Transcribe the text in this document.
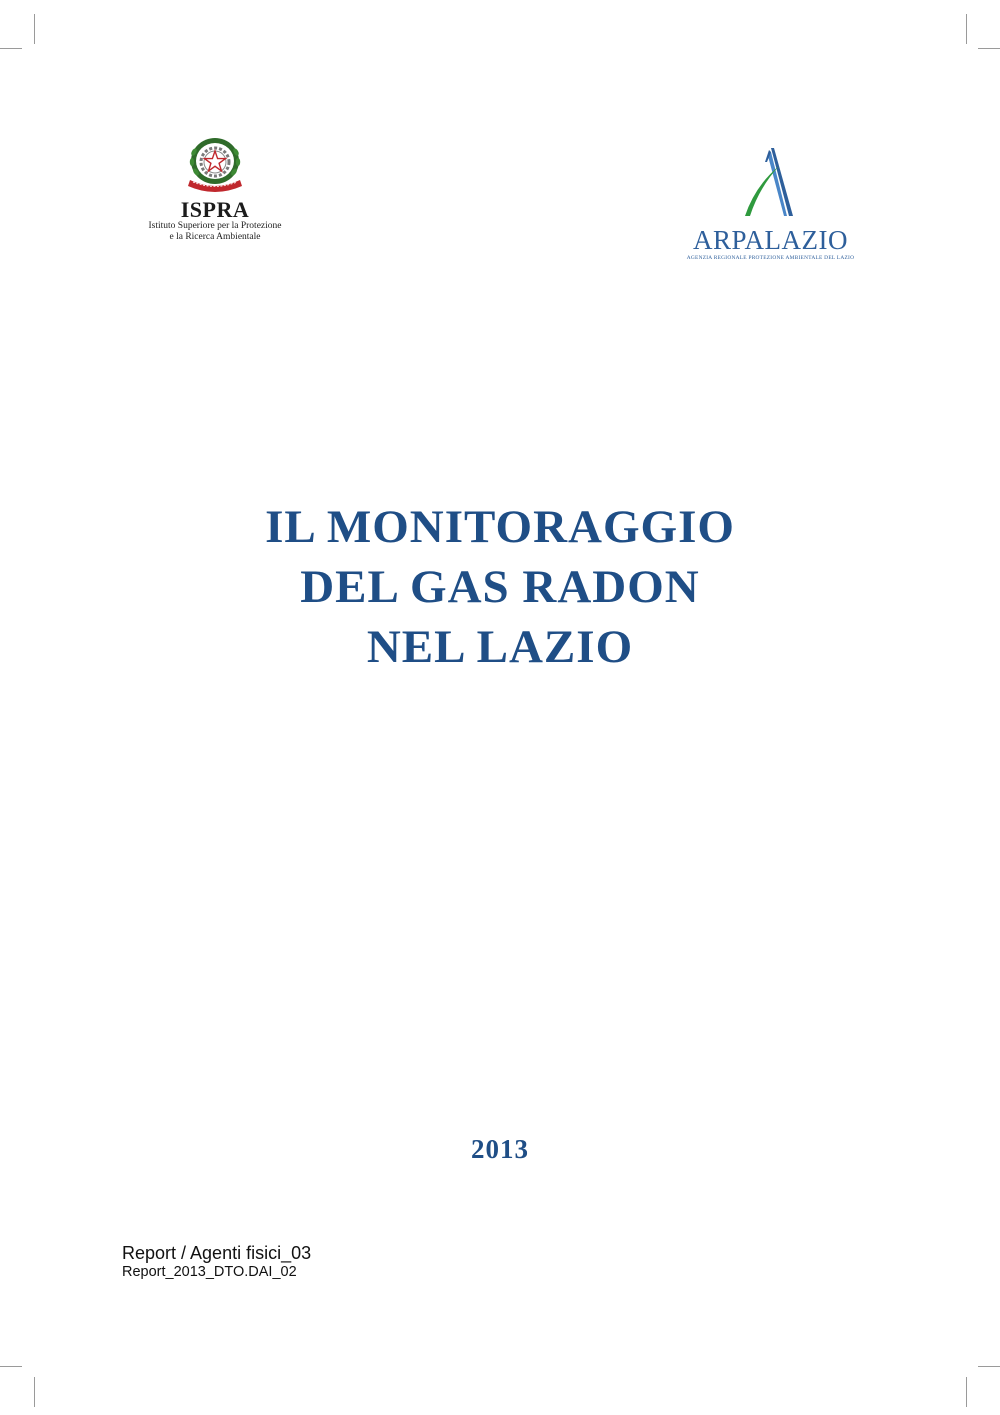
ISPRA
Istituto Superiore per la Protezione
e la Ricerca Ambientale	ARPALAZIO
AGENZIA REGIONALE PROTEZIONE AMBIENTALE DEL LAZIO
IL MONITORAGGIO
DEL GAS RADON
NEL LAZIO
2013
Report / Agenti fisici_03
Report_2013_DTO.DAI_02
